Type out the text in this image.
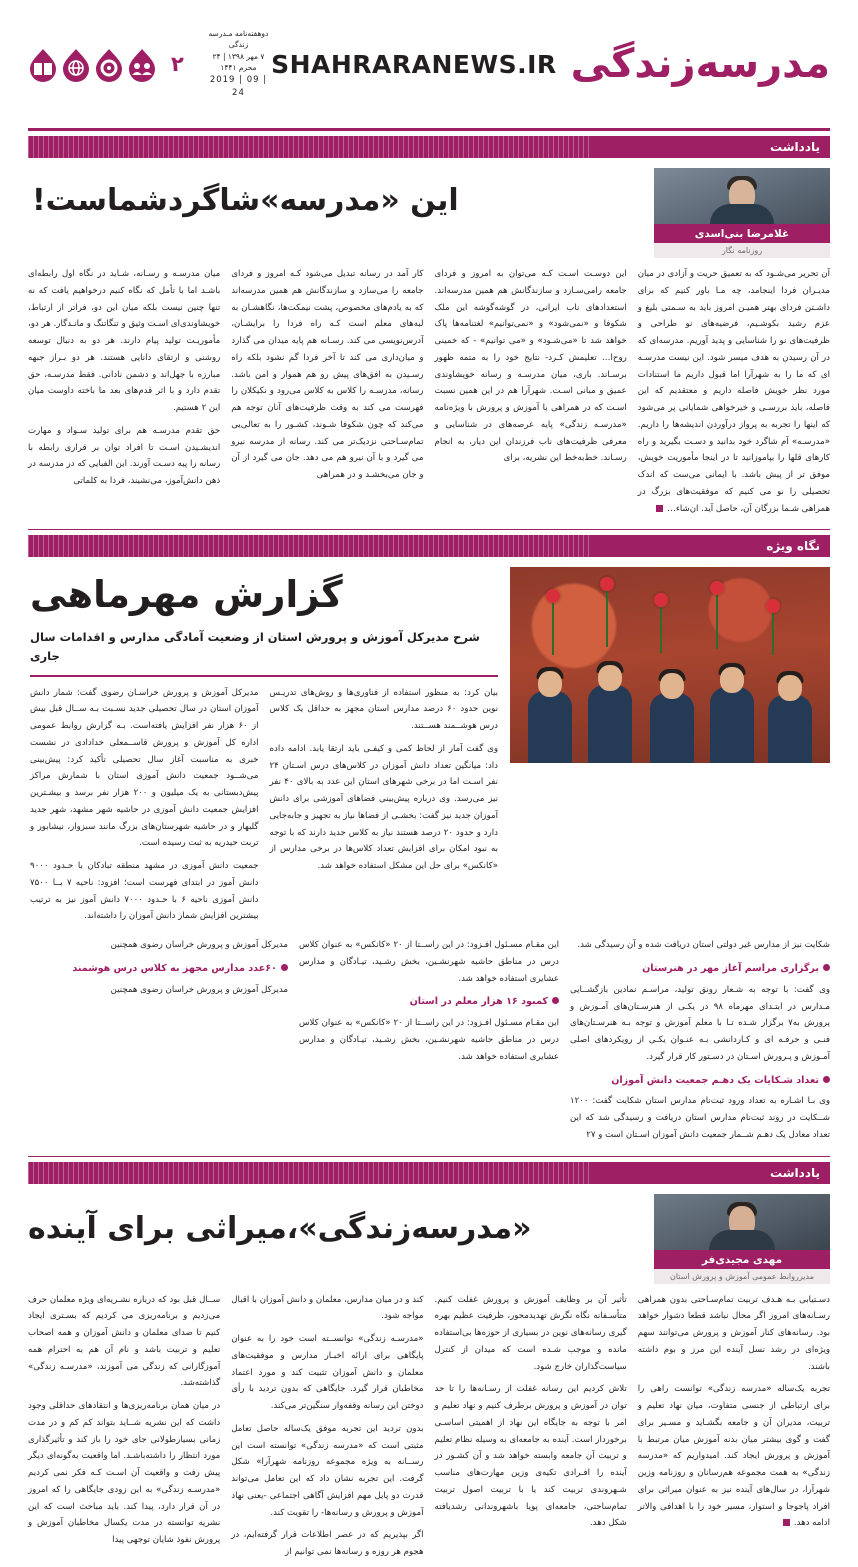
مدرسه‌زندگی
SHAHRARANEWS.IR
دوهفته‌نامه مـدرسه زندگی
۷ مهر ۱۳۹۸ | ۲۴ محرم ۱۴۴۱
2019 | 09 | 24
۲
یادداشت
غلامرضا بنی‌اسدی
روزنامه نگار
این «مدرسه»شاگردشماست!

آن تحریر می‌شـود که به تعمیق حریت و آزادی در میان مدیـران فردا اینجامد، چه مـا باور کنیم که برای داشـتن فردای بهتر همیـن امروز باید به سـمتی بلیغ و عزم رشید بکوشـیم، فرضیه‌های نو طراحی و ظرفیت‌های نو را شناسایی و پدید آوریم. مدرسه‌ای که در آن رسیدن به هدف میسر شود. این نیست مدرسـه ای که ما را به شهرآرا اما قبول داریم ما استنادات مورد نظر خویش فاصله داریم و معتقدیم که این فاصله، باید بررسـی و خیرخواهی شمایانی پر می‌شود که اینها را تجربه به پرواز درآوردن اندیشه‌ها را داریم. «مدرسـه» آم شاگرد خود بدانید و دسـت بگیرید و راه کارهای قلها را بپاموزانید تا در اینجا مأموریت خویش، موفق تر از پیش باشد. با ایمانی می‌ست که اندک تحصیلی را نو می کنیم که موفقیت‌های بزرگ در همراهی شـما بزرگان آن، حاصل آید. ان‌شاء…

این دوسـت اسـت کـه می‌توان به امروز و فردای جامعه رامی‌سـازد و سازندگانش هم همین مدرسه‌اند. استعدادهای ناب ایرانی، در گوشه‌گوشه این ملک شکوفا و «نمی‌شود» و «نمی‌توانیم» لغتنامه‌ها پاک خواهد شد تا «می‌شـود» و «می توانیم» - که خمینی روح‌ا… تعلیمش کـرد- نتایج خود را به متمه ظهور برسـاند. باری، میان مدرسـه و رسانه خویشاوندی عمیق و مبانی اسـت. شهرآرا هم در این همین نسبت اسـت که در همراهی با آموزش و پرورش با ویژه‌نامه «مدرسـه زندگی» پایه عرصه‌های در شناسایی و معرفی ظرفیت‌های ناب فرزندان این دیار، به انجام رسـاند. خط‌به‌خط این نشریه، برای

کار آمد در رسانه تبدیل می‌شود کـه امروز و فردای جامعه را می‌سازد و سازندگانش هم همین مدرسه‌اند که به یادم‌های مخصوص، پشت نیمکت‌ها، نگاهشـان به لبه‌های معلم است کـه راه فردا را برایشـان، آدرس‌نویسی می کند. رسـانه هم پایه میدان می گذارد و میان‌داری می کند تا آخر فردا گم نشود بلکه راه رسـیدن به افق‌های پیش رو هم هموار و امن باشد. رسانه، مدرسـه را کلاس به کلاس می‌رود و نکیکلان را فهرست می کند به وقت ظرفیت‌های آنان توجه هم می‌کند که چون شکوفا شـوند، کشـور را به تعالی‌یی تمام‌سـاحتی نزدیک‌تر می کند. رسانه از مدرسه نیرو می گیرد و با آن نیرو هم می دهد. جان می گیرد از آن و جان می‌بخشـد و در همراهی

میان مدرسـه و رسـانه، شـاید در نگاه اول رابطه‌ای باشـد اما با تأمل که نگاه کنیم درخواهیم یافت که نه تنها چنین نیست بلکه میان این دو، فراتر از ارتباط، خویشاوندی‌ای اسـت وثیق و تنگاتنگ و مانـدگار. هر دو، مأموریـت تولید پیام دارند. هر دو به دنبال توسعه روشنی و ارتقای دانایی هستند. هر دو بـراز جبهه مبارزه با جهل‌اند و دشمن نادانی. فقط مدرسـه، حق تقدم دارد و با اثر قدم‌های بعد ما باخته داوست میان این ۲ هستیم.

حق تقدم مدرسـه هم برای تولید سـواد و مهارت اندیشـیدن اسـت تا افراد توان بر قراری رابطه با رسانه را پیه دسـت آورند. این الفبایی که در مدرسه در ذهن دانش‌آموز، می‌نشیند، فردا به کلماتی

نگاه ویژه
گزارش مهرماهی
شرح مدیرکل آموزش و پرورش استان از وضعیت آمادگی مدارس و اقدامات سال جاری

بیان کرد: به منظور استفاده از فناوری‌ها و روش‌های تدریـس نوین حدود ۶۰ درصد مدارس استان مجهز به حداقل یک کلاس درس هوشــمند هســتند.

وی گفت آمار از لحاظ کمی و کیفـی باید ارتقا یابد. ادامه داده داد: میانگین تعداد دانش آموزان در کلاس‌های درس اسـتان ۲۴ نفر اسـت اما در برخی شهرهای استان این عدد به بالای ۴۰ نفر نیز می‌رسد. وی درباره پیش‌بینی فضاهای آموزشی برای دانش آموزان جدید نیز گفت: بخشـی از فضاها نیاز به تجهیز و جابه‌جایی دارد و حدود ۲۰ درصد هستند نیاز به کلاس جدید دارند که با توجه به نبود امکان برای افزایش تعداد کلاس‌ها در برخی مدارس از «کانکس» برای حل این مشکل استفاده خواهد شد.

مدیرکل آموزش و پرورش خراسـان رضوی گفت: شمار دانش آموزان استان در سال تحصیلی جدید نسـبت بـه ســال قبل بیش از ۶۰ هزار نفر افزایش یافته‌است. بـه گزارش روابط عمومی اداره کل آموزش و پرورش قاســمعلی خدادادی در نشست خبری به مناسبت آغاز سال تحصیلی تأکید کرد: پیش‌بینی می‌شــود جمعیت دانش آموزی استان با شمارش مراکز پیش‌دبستانی به یک میلیون و ۲۰۰ هزار نفر برسد و بیشـترین افزایش جمعیت دانش آموزی در حاشیه شهر مشهد، شهر جدید گلبهار و در حاشیه شهرستان‌های بزرگ مانند سبزوار، نیشابور و تربت حیدریه به ثبت رسیده است.

جمعیت دانش آموزی در مشهد منطقه تبادکان با حـدود ۹۰۰۰ دانش آموز در ابتدای فهرست است؛ افزود: ناحیه ۷ بــا ۷۵۰۰ دانش آموزی ناحیه ۶ با حـدود ۷۰۰۰ دانش آموز نیز به ترتیب بیشترین افزایش شمار دانش آموزان را داشته‌اند.

شکایت نیز از مدارس غیر دولتی استان دریافت شده و آن رسیدگی شد.

برگزاری مراسم آغاز مهر در هنرستان

وی گفت: با توجه به شـعار رونق تولید، مراسـم نمادین بازگشــایی مـدارس در ابتـدای مهرماه ۹۸ در یکـی از هنرسـتان‌های آمـوزش و پرورش به۷ برگزار شـده تـا با معلم آموزش و توجه بـه هنرسـتان‌های فنـی و حرفـه ای و کـاردانشی بـه عنـوان یکـی از رویکرد‌های اصلی آمـوزش و پـرورش اسـتان در دسـتور کار قرار گیرد.

تعداد شـکایات یک دهـم جمعیت دانش آموزان

وی بـا اشـاره به تعداد ورود ثبت‌نام مدارس استان شکایت گفت: ۱۲۰۰ شــکایت در روند ثبت‌نام مدارس استان دریافت و رسیدگی شد که این تعداد معادل یک دهـم شــمار جمعیت دانش آموزان اسـتان است و ۲۷

این مقـام مسـئول افـزود: در این راســتا از ۲۰ «کانکس» به عنوان کلاس درس در مناطق حاشیه شهرنشـین، بخش رشـید، تیـادگان و مدارس عشایری استفاده خواهد شد.

کمبود ۱۶ هزار معلم در استان

این مقـام مسـئول افـزود: در این راســتا از ۲۰ «کانکس» به عنوان کلاس درس در مناطق حاشیه شهرنشـین، بخش رشـید، تیـادگان و مدارس عشایری استفاده خواهد شد.

مدیرکل آموزش و پرورش خراسان رضوی همچنین

۶۰عدد مدارس مجهز به کلاس درس هوشمند

مدیرکل آموزش و پرورش خراسان رضوی همچنین

یادداشت
مهدی مجیدی‌فر
مدیرروابط عمومی آموزش و پرورش استان
«مدرسه‌زندگی»،میراثی برای آینده

دسـتیابی بـه هـدف تربیت تمام‌سـاحتی بدون همراهی رسـانه‌های امروز اگر محال نباشد قطعا دشوار خواهد بود. رسانه‌های کنار آموزش و پرورش می‌توانند سهم ویژه‌ای در رشد نسل آینده این مرز و بوم داشته باشند.

تجربه یک‌ساله «مدرسه زندگی» توانست راهی را برای ارتباطی از جنسی متفاوت، میان نهاد تعلیم و تربیت، مدیران آن و جامعه بگشـاید و مسـیر برای گفت و گوی بیشتر میان بدنه آموزش میان مرتبط با آموزش و پرورش ایجاد کند. امیدواریم که «مدرسه زندگی» به همت مجموعه هم‌رسانان و روزنامه وزین شهرآرا، در سال‌های آینده نیز به عنوان میراثی برای افراد پاجوجا و استوار، مسیر خود را با اهدافی والاتر ادامه دهد.

تأثیر آن بر وظایف آموزش و پرورش غفلت کنیم. متأسـفانه نگاه نگرش تهدیدمحور، ظرفیت عظیم بهره گیری رسانه‌های نوین در بسیاری از حوزه‌ها بی‌استفاده مانده و موجب شـده است که میدان از کنترل سیاست‌گذاران خارج شود.

تلاش کردیم این رسانه غفلت از رسـانه‌ها را تا حد توان در آموزش و پرورش برطرف کنیم و نهاد تعلیم و امر با توجه به جایگاه این نهاد از اهمیتی اساسـی برخوردار است. آینده به جامعه‌ای به وسیله نظام تعلیم و تربیت آن جامعه وابسته خواهد شد و آن کشـور در آینده را افـرادی تکیه‌ی وزین مهارت‌های مناسب شـهروندی تربیت کند یا با تربیت اصول تربیت تمام‌ساحتی، جامعه‌ای پویا باشهروندانی رشدیافته شکل دهد.

کند و در میان مدارس، معلمان و دانش آموزان با اقبال مواجه شود.

«مدرسـه زندگی» توانســته است خود را به عنوان پایگاهی برای ارائه اخبـار مدارس و موفقیت‌های معلمان و دانش آموزان تثبیت کند و مورد اعتماد مخاطبان قرار گیرد. جایگاهی که بدون تردید با رأی دوختن این رسانه وقفه‌وار سنگین‌تر می‌کند.

بدون تردید این تجربه موفق یک‌ساله حاصل تعامل مثبتی است که «مدرسه زندگی» توانسته است این رســانه به ویژه مجموعه روزنامه شهرآرا» شکل گرفت. این تجربه نشان داد که این تعامل می‌تواند قدرت دو پایل مهم افزایش آگاهی اجتماعی -یعنی نهاد آموزش و پرورش و رسانه‌ها- را تقویت کند.

اگر بپذیریم که در عصر اطلاعات قرار گرفته‌ایم، در هجوم هر روزه و رسانه‌ها نمی توانیم از

ســال قبل بود که درباره نشـریه‌ای ویژه معلمان حرف می‌زدیم و برنامه‌ریزی می کردیم که بسـتری ایجاد کنیم تا صدای معلمان و دانش آموزان و همه اصحاب تعلیم و تربیت باشد و نام آن هم به احترام همه آموزگارانی که زندگی می آموزند، «مدرسـه زندگی» گذاشته‌شد.

در میان همان برنامه‌ریزی‌ها و انتقادهای حداقلی وجود داشت که این نشریه شــاید بتواند کم کم و در مدت زمانی بسیار‌طولانی جای خود را باز کند و تأثیرگذاری مورد انتظار را داشته‌باشـد. اما واقعیت به‌گونه‌ای دیگر پیش رفت و واقعیت آن اسـت کـه فکر نمی کردیم «مدرسـه زندگی» به این زودی جایگاهی را که امروز در آن قرار دارد، پیدا کند. باید مباحث است که این نشریه توانسته در مدت یکسال مخاطبان آموزش و پرورش نفوذ شایان توجهی پیدا
